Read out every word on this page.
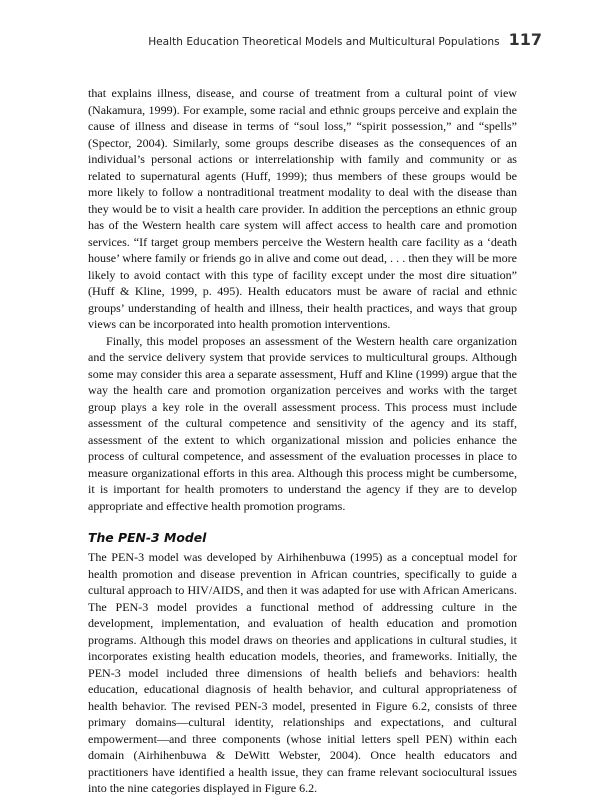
Health Education Theoretical Models and Multicultural Populations 117

that explains illness, disease, and course of treatment from a cultural point of view (Nakamura, 1999). For example, some racial and ethnic groups perceive and explain the cause of illness and disease in terms of “soul loss,” “spirit possession,” and “spells” (Spector, 2004). Similarly, some groups describe diseases as the consequences of an individual’s personal actions or interrelationship with family and community or as related to supernatural agents (Huff, 1999); thus members of these groups would be more likely to follow a nontraditional treatment modality to deal with the disease than they would be to visit a health care provider. In addition the perceptions an ethnic group has of the Western health care system will affect access to health care and promotion services. “If target group members perceive the Western health care facility as a ‘death house’ where family or friends go in alive and come out dead, . . . then they will be more likely to avoid contact with this type of facility except under the most dire situation” (Huff & Kline, 1999, p. 495). Health educators must be aware of racial and ethnic groups’ understanding of health and illness, their health practices, and ways that group views can be incorporated into health promotion interventions.

Finally, this model proposes an assessment of the Western health care organization and the service delivery system that provide services to multicultural groups. Although some may consider this area a separate assessment, Huff and Kline (1999) argue that the way the health care and promotion organization perceives and works with the target group plays a key role in the overall assessment process. This process must include assessment of the cultural competence and sensitivity of the agency and its staff, assessment of the extent to which organizational mission and policies enhance the process of cultural competence, and assessment of the evaluation processes in place to measure organizational efforts in this area. Although this process might be cumbersome, it is important for health promoters to understand the agency if they are to develop appropriate and effective health promotion programs.

The PEN-3 Model

The PEN-3 model was developed by Airhihenbuwa (1995) as a conceptual model for health promotion and disease prevention in African countries, specifically to guide a cultural approach to HIV/AIDS, and then it was adapted for use with African Americans. The PEN-3 model provides a functional method of addressing culture in the development, implementation, and evaluation of health education and promotion programs. Although this model draws on theories and applications in cultural studies, it incorporates existing health education models, theories, and frameworks. Initially, the PEN-3 model included three dimensions of health beliefs and behaviors: health education, educational diagnosis of health behavior, and cultural appropriateness of health behavior. The revised PEN-3 model, presented in Figure 6.2, consists of three primary domains—cultural identity, relationships and expectations, and cultural empowerment—and three components (whose initial letters spell PEN) within each domain (Airhihenbuwa & DeWitt Webster, 2004). Once health educators and practitioners have identified a health issue, they can frame relevant sociocultural issues into the nine categories displayed in Figure 6.2.
